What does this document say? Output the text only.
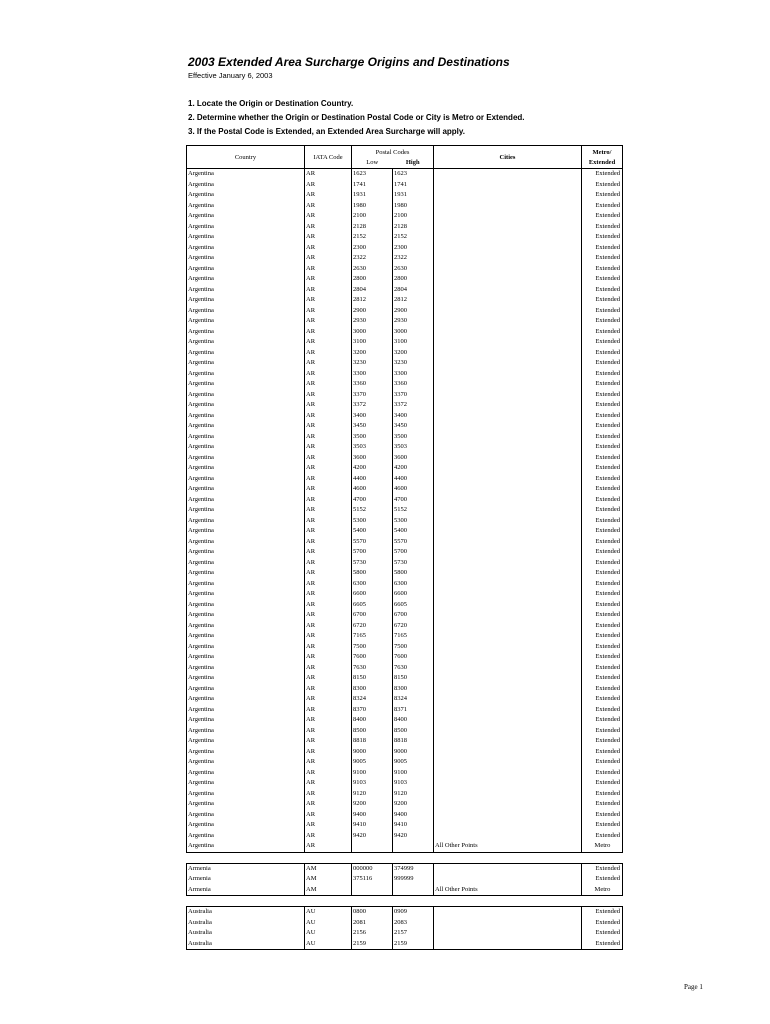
2003 Extended Area Surcharge Origins and Destinations
Effective January 6, 2003
1. Locate the Origin or Destination Country.
2. Determine whether the Origin or Destination Postal Code or City is Metro or Extended.
3. If the Postal Code is Extended, an Extended Area Surcharge will apply.
Country	IATA Code	Postal Codes		Cities	Metro/
		Low	High		Extended
Argentina	AR	1623	1623		Extended
Argentina	AR	1741	1741		Extended
Argentina	AR	1931	1931		Extended
Argentina	AR	1980	1980		Extended
Argentina	AR	2100	2100		Extended
Argentina	AR	2128	2128		Extended
Argentina	AR	2152	2152		Extended
Argentina	AR	2300	2300		Extended
Argentina	AR	2322	2322		Extended
Argentina	AR	2630	2630		Extended
Argentina	AR	2800	2800		Extended
Argentina	AR	2804	2804		Extended
Argentina	AR	2812	2812		Extended
Argentina	AR	2900	2900		Extended
Argentina	AR	2930	2930		Extended
Argentina	AR	3000	3000		Extended
Argentina	AR	3100	3100		Extended
Argentina	AR	3200	3200		Extended
Argentina	AR	3230	3230		Extended
Argentina	AR	3300	3300		Extended
Argentina	AR	3360	3360		Extended
Argentina	AR	3370	3370		Extended
Argentina	AR	3372	3372		Extended
Argentina	AR	3400	3400		Extended
Argentina	AR	3450	3450		Extended
Argentina	AR	3500	3500		Extended
Argentina	AR	3503	3503		Extended
Argentina	AR	3600	3600		Extended
Argentina	AR	4200	4200		Extended
Argentina	AR	4400	4400		Extended
Argentina	AR	4600	4600		Extended
Argentina	AR	4700	4700		Extended
Argentina	AR	5152	5152		Extended
Argentina	AR	5300	5300		Extended
Argentina	AR	5400	5400		Extended
Argentina	AR	5570	5570		Extended
Argentina	AR	5700	5700		Extended
Argentina	AR	5730	5730		Extended
Argentina	AR	5800	5800		Extended
Argentina	AR	6300	6300		Extended
Argentina	AR	6600	6600		Extended
Argentina	AR	6605	6605		Extended
Argentina	AR	6700	6700		Extended
Argentina	AR	6720	6720		Extended
Argentina	AR	7165	7165		Extended
Argentina	AR	7500	7500		Extended
Argentina	AR	7600	7600		Extended
Argentina	AR	7630	7630		Extended
Argentina	AR	8150	8150		Extended
Argentina	AR	8300	8300		Extended
Argentina	AR	8324	8324		Extended
Argentina	AR	8370	8371		Extended
Argentina	AR	8400	8400		Extended
Argentina	AR	8500	8500		Extended
Argentina	AR	8818	8818		Extended
Argentina	AR	9000	9000		Extended
Argentina	AR	9005	9005		Extended
Argentina	AR	9100	9100		Extended
Argentina	AR	9103	9103		Extended
Argentina	AR	9120	9120		Extended
Argentina	AR	9200	9200		Extended
Argentina	AR	9400	9400		Extended
Argentina	AR	9410	9410		Extended
Argentina	AR	9420	9420		Extended
Argentina	AR			All Other Points	Metro

Armenia	AM	000000	374999		Extended
Armenia	AM	375116	999999		Extended
Armenia	AM			All Other Points	Metro

Australia	AU	0800	0909		Extended
Australia	AU	2081	2083		Extended
Australia	AU	2156	2157		Extended
Australia	AU	2159	2159		Extended
Page 1
